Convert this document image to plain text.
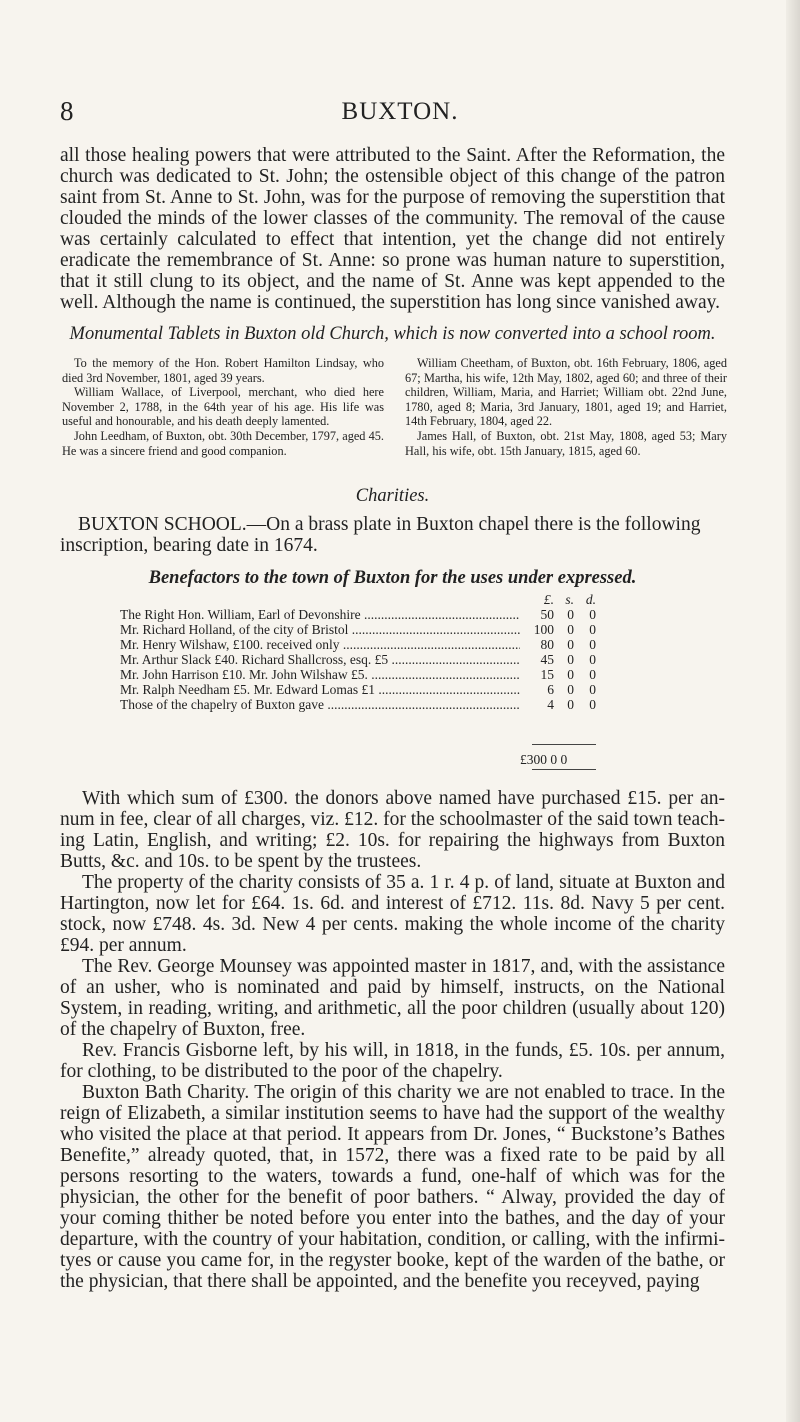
8	BUXTON.
all those healing powers that were attributed to the Saint. After the Reformation, the church was dedicated to St. John; the ostensible object of this change of the patron saint from St. Anne to St. John, was for the purpose of removing the superstition that clouded the minds of the lower classes of the community. The removal of the cause was certainly calculated to effect that intention, yet the change did not entirely eradicate the remembrance of St. Anne: so prone was human nature to superstition, that it still clung to its object, and the name of St. Anne was kept appended to the well. Although the name is continued, the superstition has long since vanished away.
Monumental Tablets in Buxton old Church, which is now converted into a school room.

To the memory of the Hon. Robert Hamilton Lindsay, who died 3rd November, 1801, aged 39 years.

William Wallace, of Liverpool, merchant, who died here November 2, 1788, in the 64th year of his age. His life was useful and honourable, and his death deeply lamented.

John Leedham, of Buxton, obt. 30th December, 1797, aged 45. He was a sincere friend and good companion.

William Cheetham, of Buxton, obt. 16th February, 1806, aged 67; Martha, his wife, 12th May, 1802, aged 60; and three of their children, William, Maria, and Harriet; William obt. 22nd June, 1780, aged 8; Maria, 3rd January, 1801, aged 19; and Harriet, 14th February, 1804, aged 22.

James Hall, of Buxton, obt. 21st May, 1808, aged 53; Mary Hall, his wife, obt. 15th January, 1815, aged 60.

Charities.
BUXTON SCHOOL.—On a brass plate in Buxton chapel there is the following inscription, bearing date in 1674.
Benefactors to the town of Buxton for the uses under expressed.
£. s. d.
The Right Hon. William, Earl of Devonshire .....	50 0	0
Mr. Richard Holland, of the city of Bristol .....	100 0	0
Mr. Henry Wilshaw, £100. received only .....	80 0	0
Mr. Arthur Slack £40. Richard Shallcross, esq. £5 .....	45 0	0
Mr. John Harrison £10. Mr. John Wilshaw £5. .....	15 0	0
Mr. Ralph Needham £5. Mr. Edward Lomas £1 .....	6 0	0
Those of the chapelry of Buxton gave .....	4 0	0
£300 0 0

With which sum of £300. the donors above named have purchased £15. per annum in fee, clear of all charges, viz. £12. for the schoolmaster of the said town teaching Latin, English, and writing; £2. 10s. for repairing the highways from Buxton Butts, &c. and 10s. to be spent by the trustees.

The property of the charity consists of 35 a. 1 r. 4 p. of land, situate at Buxton and Hartington, now let for £64. 1s. 6d. and interest of £712. 11s. 8d. Navy 5 per cent. stock, now £748. 4s. 3d. New 4 per cents. making the whole income of the charity £94. per annum.

The Rev. George Mounsey was appointed master in 1817, and, with the assistance of an usher, who is nominated and paid by himself, instructs, on the National System, in reading, writing, and arithmetic, all the poor children (usually about 120) of the chapelry of Buxton, free.

Rev. Francis Gisborne left, by his will, in 1818, in the funds, £5. 10s. per annum, for clothing, to be distributed to the poor of the chapelry.

Buxton Bath Charity. The origin of this charity we are not enabled to trace. In the reign of Elizabeth, a similar institution seems to have had the support of the wealthy who visited the place at that period. It appears from Dr. Jones, “ Buckstone’s Bathes Benefite,” already quoted, that, in 1572, there was a fixed rate to be paid by all persons resorting to the waters, towards a fund, one-half of which was for the physician, the other for the benefit of poor bathers. “ Alway, provided the day of your coming thither be noted before you enter into the bathes, and the day of your departure, with the country of your habitation, condition, or calling, with the infirmityes or cause you came for, in the regyster booke, kept of the warden of the bathe, or the physician, that there shall be appointed, and the benefite you receyved, paying
